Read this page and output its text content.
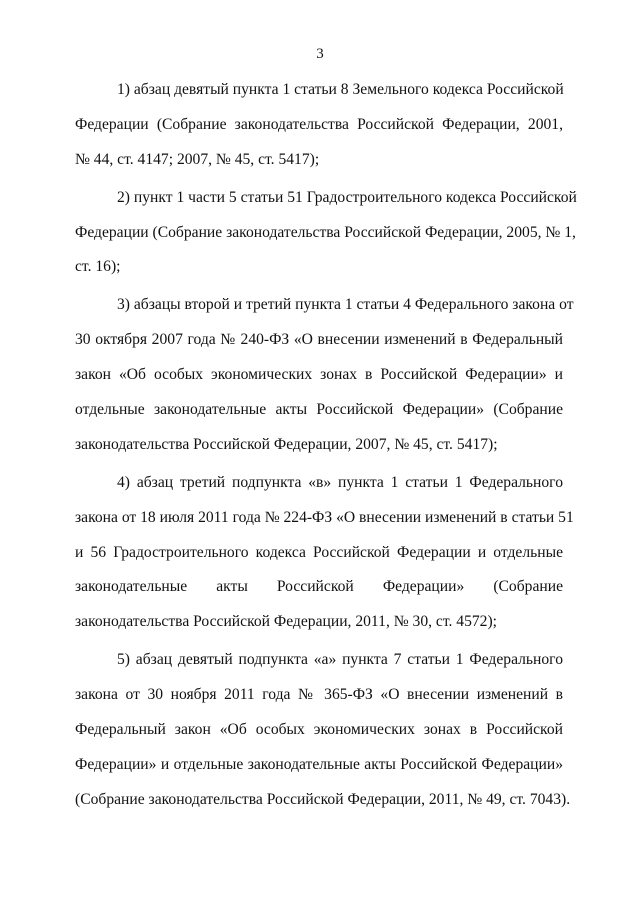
3
1) абзац девятый пункта 1 статьи 8 Земельного кодекса Российской
Федерации (Собрание законодательства Российской Федерации, 2001,
№ 44, ст. 4147; 2007, № 45, ст. 5417);
2) пункт 1 части 5 статьи 51 Градостроительного кодекса Российской
Федерации (Собрание законодательства Российской Федерации, 2005, № 1,
ст. 16);
3) абзацы второй и третий пункта 1 статьи 4 Федерального закона от
30 октября 2007 года № 240-ФЗ «О внесении изменений в Федеральный
закон «Об особых экономических зонах в Российской Федерации» и
отдельные законодательные акты Российской Федерации» (Собрание
законодательства Российской Федерации, 2007, № 45, ст. 5417);
4) абзац третий подпункта «в» пункта 1 статьи 1 Федерального
закона от 18 июля 2011 года № 224-ФЗ «О внесении изменений в статьи 51
и 56 Градостроительного кодекса Российской Федерации и отдельные
законодательные акты Российской Федерации» (Собрание
законодательства Российской Федерации, 2011, № 30, ст. 4572);
5) абзац девятый подпункта «а» пункта 7 статьи 1 Федерального
закона от 30 ноября 2011 года № 365-ФЗ «О внесении изменений в
Федеральный закон «Об особых экономических зонах в Российской
Федерации» и отдельные законодательные акты Российской Федерации»
(Собрание законодательства Российской Федерации, 2011, № 49, ст. 7043).
